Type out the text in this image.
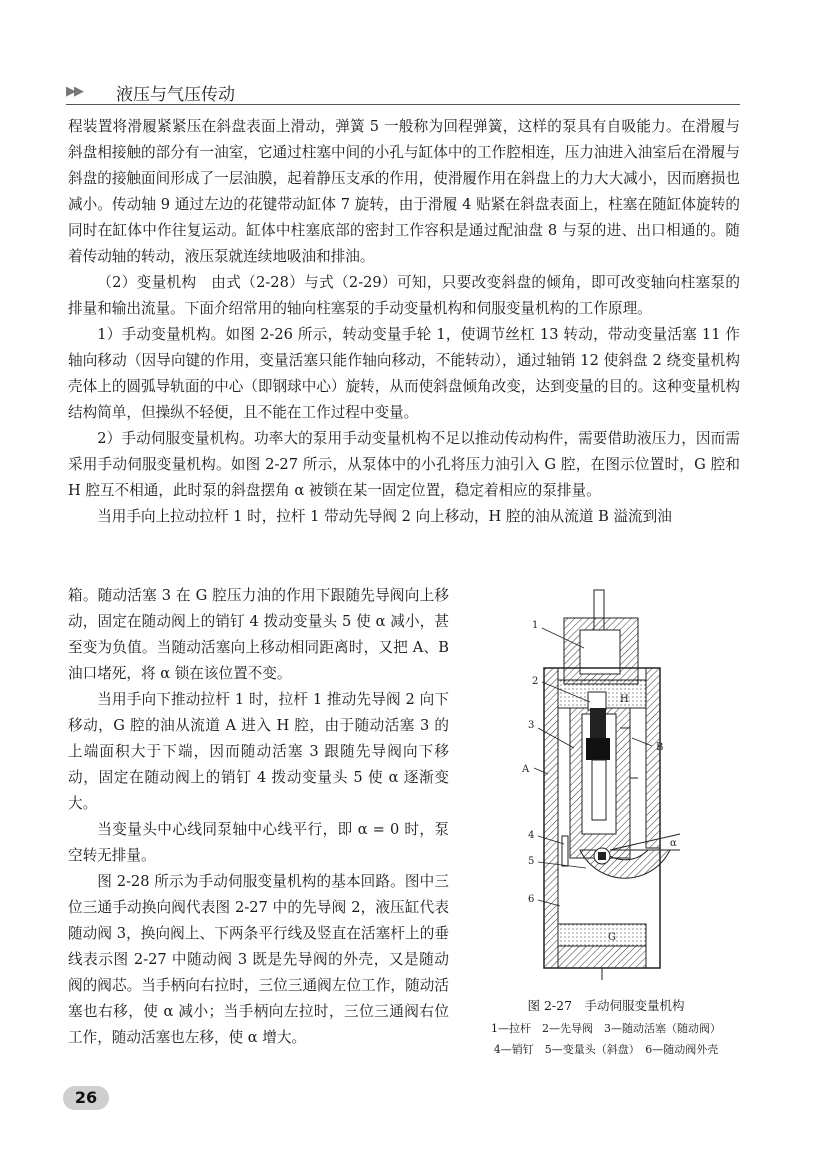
▶▶ 液压与气压传动

程装置将滑履紧紧压在斜盘表面上滑动，弹簧 5 一般称为回程弹簧，这样的泵具有自吸能力。在滑履与斜盘相接触的部分有一油室，它通过柱塞中间的小孔与缸体中的工作腔相连，压力油进入油室后在滑履与斜盘的接触面间形成了一层油膜，起着静压支承的作用，使滑履作用在斜盘上的力大大减小，因而磨损也减小。传动轴 9 通过左边的花键带动缸体 7 旋转，由于滑履 4 贴紧在斜盘表面上，柱塞在随缸体旋转的同时在缸体中作往复运动。缸体中柱塞底部的密封工作容积是通过配油盘 8 与泵的进、出口相通的。随着传动轴的转动，液压泵就连续地吸油和排油。

（2）变量机构　由式（2-28）与式（2-29）可知，只要改变斜盘的倾角，即可改变轴向柱塞泵的排量和输出流量。下面介绍常用的轴向柱塞泵的手动变量机构和伺服变量机构的工作原理。

1）手动变量机构。如图 2-26 所示，转动变量手轮 1，使调节丝杠 13 转动，带动变量活塞 11 作轴向移动（因导向键的作用，变量活塞只能作轴向移动，不能转动），通过轴销 12 使斜盘 2 绕变量机构壳体上的圆弧导轨面的中心（即钢球中心）旋转，从而使斜盘倾角改变，达到变量的目的。这种变量机构结构简单，但操纵不轻便，且不能在工作过程中变量。

2）手动伺服变量机构。功率大的泵用手动变量机构不足以推动传动构件，需要借助液压力，因而需采用手动伺服变量机构。如图 2-27 所示，从泵体中的小孔将压力油引入 G 腔，在图示位置时，G 腔和 H 腔互不相通，此时泵的斜盘摆角 α 被锁在某一固定位置，稳定着相应的泵排量。

当用手向上拉动拉杆 1 时，拉杆 1 带动先导阀 2 向上移动，H 腔的油从流道 B 溢流到油

箱。随动活塞 3 在 G 腔压力油的作用下跟随先导阀向上移动，固定在随动阀上的销钉 4 拨动变量头 5 使 α 减小，甚至变为负值。当随动活塞向上移动相同距离时，又把 A、B 油口堵死，将 α 锁在该位置不变。

当用手向下推动拉杆 1 时，拉杆 1 推动先导阀 2 向下移动，G 腔的油从流道 A 进入 H 腔，由于随动活塞 3 的上端面积大于下端，因而随动活塞 3 跟随先导阀向下移动，固定在随动阀上的销钉 4 拨动变量头 5 使 α 逐渐变大。

当变量头中心线同泵轴中心线平行，即 α = 0 时，泵空转无排量。

图 2-28 所示为手动伺服变量机构的基本回路。图中三位三通手动换向阀代表图 2-27 中的先导阀 2，液压缸代表随动阀 3，换向阀上、下两条平行线及竖直在活塞杆上的垂线表示图 2-27 中随动阀 3 既是先导阀的外壳，又是随动阀的阀芯。当手柄向右拉时，三位三通阀左位工作，随动活塞也右移，使 α 减小；当手柄向左拉时，三位三通阀右位工作，随动活塞也左移，使 α 增大。

1
2
3
A
4
5
6
B
H
G
α
图 2-27　手动伺服变量机构
1—拉杆　2—先导阀　3—随动活塞（随动阀）
4—销钉　5—变量头（斜盘）　6—随动阀外壳
26
